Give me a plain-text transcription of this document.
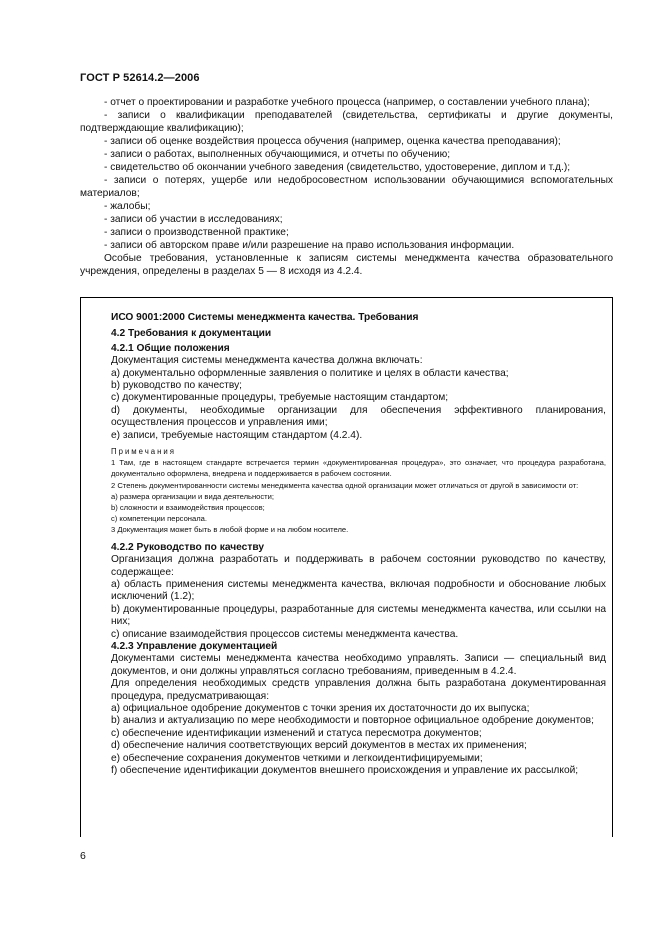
ГОСТ Р 52614.2—2006

- отчет о проектировании и разработке учебного процесса (например, о составлении учебного плана);

- записи о квалификации преподавателей (свидетельства, сертификаты и другие документы, подтверждающие квалификацию);

- записи об оценке воздействия процесса обучения (например, оценка качества преподавания);

- записи о работах, выполненных обучающимися, и отчеты по обучению;

- свидетельство об окончании учебного заведения (свидетельство, удостоверение, диплом и т.д.);

- записи о потерях, ущербе или недобросовестном использовании обучающимися вспомогательных материалов;

- жалобы;

- записи об участии в исследованиях;

- записи о производственной практике;

- записи об авторском праве и/или разрешение на право использования информации.

Особые требования, установленные к записям системы менеджмента качества образовательного учреждения, определены в разделах 5 — 8 исходя из 4.2.4.

ИСО 9001:2000 Системы менеджмента качества. Требования

4.2 Требования к документации

4.2.1 Общие положения

Документация системы менеджмента качества должна включать:

a) документально оформленные заявления о политике и целях в области качества;

b) руководство по качеству;

c) документированные процедуры, требуемые настоящим стандартом;

d) документы, необходимые организации для обеспечения эффективного планирования, осуществления процессов и управления ими;

e) записи, требуемые настоящим стандартом (4.2.4).

Примечания

1 Там, где в настоящем стандарте встречается термин «документированная процедура», это означает, что процедура разработана, документально оформлена, внедрена и поддерживается в рабочем состоянии.

2 Степень документированности системы менеджмента качества одной организации может отличаться от другой в зависимости от:

a) размера организации и вида деятельности;

b) сложности и взаимодействия процессов;

c) компетенции персонала.

3 Документация может быть в любой форме и на любом носителе.

4.2.2 Руководство по качеству

Организация должна разработать и поддерживать в рабочем состоянии руководство по качеству, содержащее:

a) область применения системы менеджмента качества, включая подробности и обоснование любых исключений (1.2);

b) документированные процедуры, разработанные для системы менеджмента качества, или ссылки на них;

c) описание взаимодействия процессов системы менеджмента качества.

4.2.3 Управление документацией

Документами системы менеджмента качества необходимо управлять. Записи — специальный вид документов, и они должны управляться согласно требованиям, приведенным в 4.2.4.

Для определения необходимых средств управления должна быть разработана документированная процедура, предусматривающая:

a) официальное одобрение документов с точки зрения их достаточности до их выпуска;

b) анализ и актуализацию по мере необходимости и повторное официальное одобрение документов;

c) обеспечение идентификации изменений и статуса пересмотра документов;

d) обеспечение наличия соответствующих версий документов в местах их применения;

e) обеспечение сохранения документов четкими и легкоидентифицируемыми;

f) обеспечение идентификации документов внешнего происхождения и управление их рассылкой;

6
